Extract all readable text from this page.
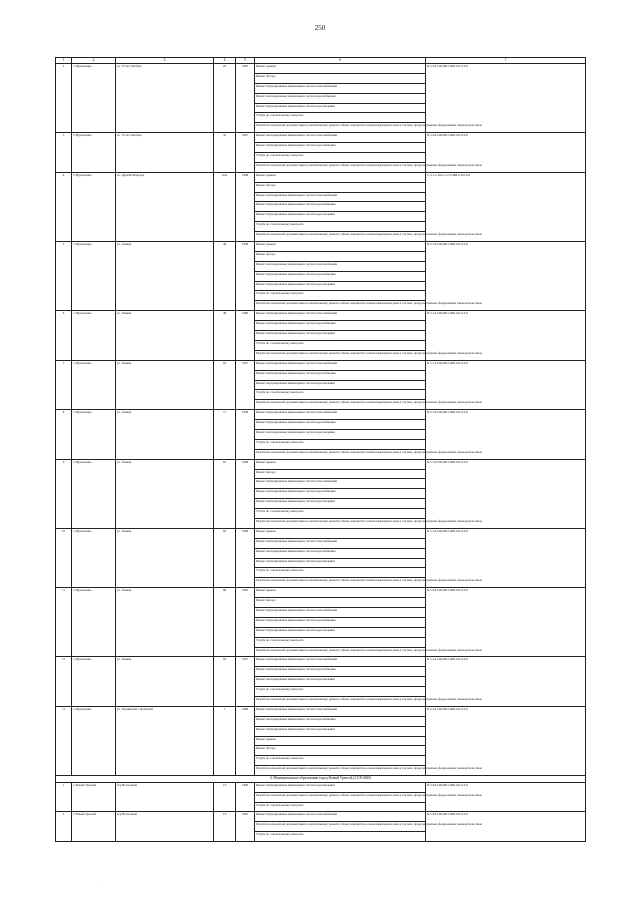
250
1	2	3	4	5	6	7
2	г. Муравленко	ул. 70 лет Октября	22	1992	Ремонт крыши	П-5-6-П-Ш-ПП-СЖБ-0-0-0-0-0
					Ремонт фасада	
					Ремонт внутридомовых инженерных систем теплоснабжения	
					Ремонт внутридомовых инженерных систем водоснабжения	
					Ремонт внутридомовых инженерных систем водоотведения	
					Услуги по строительному контролю	
					Разработка проектной документации по капитальному ремонту общего имущества в многоквартирном доме в случаях, предусмотренных федеральным законодательством	
3	г. Муравленко	ул. 70 лет Октября	32	1997	Ремонт внутридомовых инженерных систем теплоснабжения	П-5-6-П-Ш-ПП-СЖБ-0-0-0-0-0
					Ремонт внутридомовых инженерных систем водоснабжения	
					Услуги по строительному контролю	
					Разработка проектной документации по капитальному ремонту общего имущества в многоквартирном доме в случаях, предусмотренных федеральным законодательством	
4	г. Муравленко	ул. Дружбы Народов	10А	1998	Ремонт крыши	С-5-1-С-Ш-С-СЭ-СЖБ-0-0-0-0-0
					Ремонт фасада	
					Ремонт внутридомовых инженерных систем теплоснабжения	
					Ремонт внутридомовых инженерных систем водоснабжения	
					Ремонт внутридомовых инженерных систем водоотведения	
					Услуги по строительному контролю	
					Разработка проектной документации по капитальному ремонту общего имущества в многоквартирном доме в случаях, предусмотренных федеральным законодательством	
5	г. Муравленко	ул. Ленина	46	1998	Ремонт крыши	П-5-3-П-Ш-ПП-СЖБ-0-0-0-0-0
					Ремонт фасада	
					Ремонт внутридомовых инженерных систем теплоснабжения	
					Ремонт внутридомовых инженерных систем водоснабжения	
					Ремонт внутридомовых инженерных систем водоотведения	
					Услуги по строительному контролю	
					Разработка проектной документации по капитальному ремонту общего имущества в многоквартирном доме в случаях, предусмотренных федеральным законодательством	
6	г. Муравленко	ул. Ленина	48	1986	Ремонт внутридомовых инженерных систем теплоснабжения	П-5-4-П-Ш-ПП-СЖБ-0-0-0-0-0
					Ремонт внутридомовых инженерных систем водоснабжения	
					Ремонт внутридомовых инженерных систем водоотведения	
					Услуги по строительному контролю	
					Разработка проектной документации по капитальному ремонту общего имущества в многоквартирном доме в случаях, предусмотренных федеральным законодательством	
7	г. Муравленко	ул. Ленина	63	1997	Ремонт внутридомовых инженерных систем теплоснабжения	П-5-7-П-Ш-ПП-СЖБ-0-0-0-0-0
					Ремонт внутридомовых инженерных систем водоснабжения	
					Ремонт внутридомовых инженерных систем водоотведения	
					Услуги по строительному контролю	
					Разработка проектной документации по капитальному ремонту общего имущества в многоквартирном доме в случаях, предусмотренных федеральным законодательством	
8	г. Муравленко	ул. Ленина	71	1998	Ремонт внутридомовых инженерных систем теплоснабжения	П-5-3-П-Ш-ПП-СЖБ-0-0-0-0-0
					Ремонт внутридомовых инженерных систем водоснабжения	
					Ремонт внутридомовых инженерных систем водоотведения	
					Услуги по строительному контролю	
					Разработка проектной документации по капитальному ремонту общего имущества в многоквартирном доме в случаях, предусмотренных федеральным законодательством	
9	г. Муравленко	ул. Ленина	81	1998	Ремонт крыши	П-5-3-П-Ш-ПП-СЖБ-0-0-0-0-0
					Ремонт фасада	
					Ремонт внутридомовых инженерных систем теплоснабжения	
					Ремонт внутридомовых инженерных систем водоснабжения	
					Ремонт внутридомовых инженерных систем водоотведения	
					Услуги по строительному контролю	
					Разработка проектной документации по капитальному ремонту общего имущества в многоквартирном доме в случаях, предусмотренных федеральным законодательством	
10	г. Муравленко	ул. Ленина	83	1998	Ремонт крыши	П-5-3-П-Ш-ПП-СЖБ-0-0-0-0-0
					Ремонт внутридомовых инженерных систем теплоснабжения	
					Ремонт внутридомовых инженерных систем водоснабжения	
					Ремонт внутридомовых инженерных систем водоотведения	
					Услуги по строительному контролю	
					Разработка проектной документации по капитальному ремонту общего имущества в многоквартирном доме в случаях, предусмотренных федеральным законодательством	
11	г. Муравленко	ул. Ленина	86	1992	Ремонт крыши	П-5-6-П-Ш-ПП-СЖБ-0-0-0-0-0
					Ремонт фасада	
					Ремонт внутридомовых инженерных систем теплоснабжения	
					Ремонт внутридомовых инженерных систем водоснабжения	
					Ремонт внутридомовых инженерных систем водоотведения	
					Услуги по строительному контролю	
					Разработка проектной документации по капитальному ремонту общего имущества в многоквартирном доме в случаях, предусмотренных федеральным законодательством	
12	г. Муравленко	ул. Ленина	93	1997	Ремонт внутридомовых инженерных систем теплоснабжения	П-5-4-П-Ш-ПП-СЖБ-0-0-0-0-0
					Ремонт внутридомовых инженерных систем водоснабжения	
					Ремонт внутридомовых инженерных систем водоотведения	
					Услуги по строительному контролю	
					Разработка проектной документации по капитальному ремонту общего имущества в многоквартирном доме в случаях, предусмотренных федеральным законодательством	
13	г. Муравленко	ул. Украинских строителей	7	1988	Ремонт внутридомовых инженерных систем теплоснабжения	П-5-4-П-Ш-ПП-СЖБ-0-0-0-0-0
					Ремонт внутридомовых инженерных систем водоснабжения	
					Ремонт внутридомовых инженерных систем водоотведения	
					Ремонт крыши	
					Ремонт фасада	
					Услуги по строительному контролю	
					Разработка проектной документации по капитальному ремонту общего имущества в многоквартирном доме в случаях, предусмотренных федеральным законодательством	
4. Муниципальное образование город Новый Уренгой (2118-2060)						
1	г. Новый Уренгой	м/р Восточный	1/3	1990	Ремонт внутридомовых инженерных систем водоотведения	П-5-8-П-Ш-ПП-СЖБ-0-0-0-0-0
					Разработка проектной документации по капитальному ремонту общего имущества в многоквартирном доме в случаях, предусмотренных федеральным законодательством	
					Услуги по строительному контролю	
2	г. Новый Уренгой	м/р Восточный	1/3	1991	Ремонт внутридомовых инженерных систем теплоснабжения	П-5-8-П-Ш-ПП-СЖБ-0-0-0-0-0
					Разработка проектной документации по капитальному ремонту общего имущества в многоквартирном доме в случаях, предусмотренных федеральным законодательством	
					Услуги по строительному контролю	
·
